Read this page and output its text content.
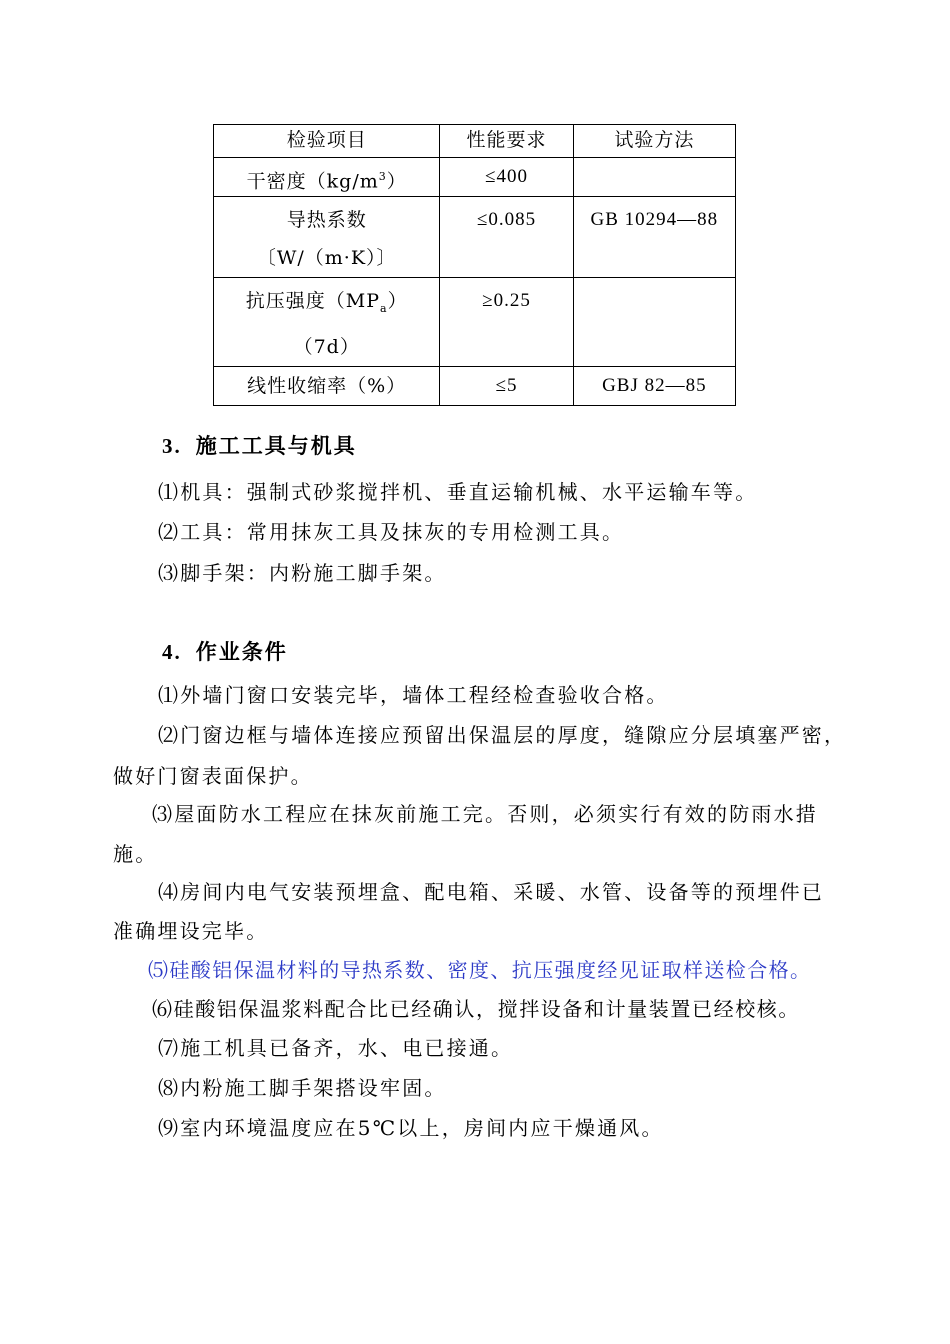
检验项目	性能要求	试验方法
干密度$(kg/m^3)$	≤400	

导热系数
〔W/（m·K）〕	≤0.085	GB 10294—88

抗压强度$(MP_a)$
（7d）	≥0.25	
线性收缩率（%）	≤5	GBJ 82—85
3. 施工工具与机具
⑴机具：强制式砂浆搅拌机、垂直运输机械、水平运输车等。
⑵工具：常用抹灰工具及抹灰的专用检测工具。
⑶脚手架：内粉施工脚手架。
4. 作业条件
⑴外墙门窗口安装完毕，墙体工程经检查验收合格。
⑵门窗边框与墙体连接应预留出保温层的厚度，缝隙应分层填塞严密，
做好门窗表面保护。
⑶屋面防水工程应在抹灰前施工完。否则，必须实行有效的防雨水措
施。
⑷房间内电气安装预埋盒、配电箱、采暖、水管、设备等的预埋件已
准确埋设完毕。
⑸硅酸铝保温材料的导热系数、密度、抗压强度经见证取样送检合格。
⑹硅酸铝保温浆料配合比已经确认，搅拌设备和计量装置已经校核。
⑺施工机具已备齐，水、电已接通。
⑻内粉施工脚手架搭设牢固。
⑼室内环境温度应在5℃以上，房间内应干燥通风。
